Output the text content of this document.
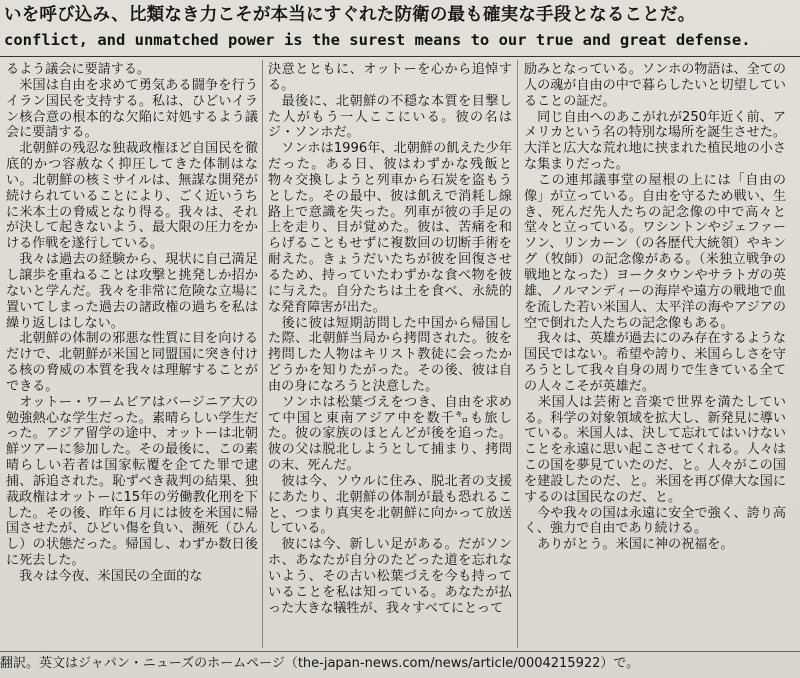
いを呼び込み、比類なき力こそが本当にすぐれた防衛の最も確実な手段となることだ。
conflict, and unmatched power is the surest means to our true and great defense.

るよう議会に要請する。

　米国は自由を求めて勇気ある闘争を行うイラン国民を支持する。私は、ひどいイラン核合意の根本的な欠陥に対処するよう議会に要請する。

　北朝鮮の残忍な独裁政権ほど自国民を徹底的かつ容赦なく抑圧してきた体制はない。北朝鮮の核ミサイルは、無謀な開発が続けられていることにより、ごく近いうちに米本土の脅威となり得る。我々は、それが決して起きないよう、最大限の圧力をかける作戦を遂行している。

　我々は過去の経験から、現状に自己満足し譲歩を重ねることは攻撃と挑発しか招かないと学んだ。我々を非常に危険な立場に置いてしまった過去の諸政権の過ちを私は繰り返しはしない。

　北朝鮮の体制の邪悪な性質に目を向けるだけで、北朝鮮が米国と同盟国に突き付ける核の脅威の本質を我々は理解することができる。

　オットー・ワームビアはバージニア大の勉強熱心な学生だった。素晴らしい学生だった。アジア留学の途中、オットーは北朝鮮ツアーに参加した。その最後に、この素晴らしい若者は国家転覆を企てた罪で逮捕、訴追された。恥ずべき裁判の結果、独裁政権はオットーに15年の労働教化刑を下した。その後、昨年６月には彼を米国に帰国させたが、ひどい傷を負い、瀕死（ひんし）の状態だった。帰国し、わずか数日後に死去した。

　我々は今夜、米国民の全面的な

決意とともに、オットーを心から追悼する。

　最後に、北朝鮮の不穏な本質を目撃した人がもう一人ここにいる。彼の名はジ・ソンホだ。

　ソンホは1996年、北朝鮮の飢えた少年だった。ある日、彼はわずかな残飯と物々交換しようと列車から石炭を盗もうとした。その最中、彼は飢えで消耗し線路上で意識を失った。列車が彼の手足の上を走り、目が覚めた。彼は、苦痛を和らげることもせずに複数回の切断手術を耐えた。きょうだいたちが彼を回復させるため、持っていたわずかな食べ物を彼に与えた。自分たちは土を食べ、永続的な発育障害が出た。

　後に彼は短期訪問した中国から帰国した際、北朝鮮当局から拷問された。彼を拷問した人物はキリスト教徒に会ったかどうかを知りたがった。その後、彼は自由の身になろうと決意した。

　ソンホは松葉づえをつき、自由を求めて中国と東南アジア中を数千㌔も旅した。彼の家族のほとんどが後を追った。彼の父は脱北しようとして捕まり、拷問の末、死んだ。

　彼は今、ソウルに住み、脱北者の支援にあたり、北朝鮮の体制が最も恐れること、つまり真実を北朝鮮に向かって放送している。

　彼には今、新しい足がある。だがソンホ、あなたが自分のたどった道を忘れないよう、その古い松葉づえを今も持っていることを私は知っている。あなたが払った大きな犠牲が、我々すべてにとって

励みとなっている。ソンホの物語は、全ての人の魂が自由の中で暮らしたいと切望していることの証だ。

　同じ自由へのあこがれが250年近く前、アメリカという名の特別な場所を誕生させた。大洋と広大な荒れ地に挟まれた植民地の小さな集まりだった。

　この連邦議事堂の屋根の上には「自由の像」が立っている。自由を守るため戦い、生き、死んだ先人たちの記念像の中で高々と堂々と立っている。ワシントンやジェファーソン、リンカーン（の各歴代大統領）やキング（牧師）の記念像がある。（米独立戦争の戦地となった）ヨークタウンやサラトガの英雄、ノルマンディーの海岸や遠方の戦地で血を流した若い米国人、太平洋の海やアジアの空で倒れた人たちの記念像もある。

　我々は、英雄が過去にのみ存在するような国民ではない。希望や誇り、米国らしさを守ろうとして我々自身の周りで生きている全ての人々こそが英雄だ。

　米国人は芸術と音楽で世界を満たしている。科学の対象領域を拡大し、新発見に導いている。米国人は、決して忘れてはいけないことを永遠に思い起こさせてくれる。人々はこの国を夢見ていたのだ、と。人々がこの国を建設したのだ、と。米国を再び偉大な国にするのは国民なのだ、と。

　今や我々の国は永遠に安全で強く、誇り高く、強力で自由であり続ける。

　ありがとう。米国に神の祝福を。

翻訳。英文はジャパン・ニューズのホームページ（the-japan-news.com/news/article/0004215922）で。
